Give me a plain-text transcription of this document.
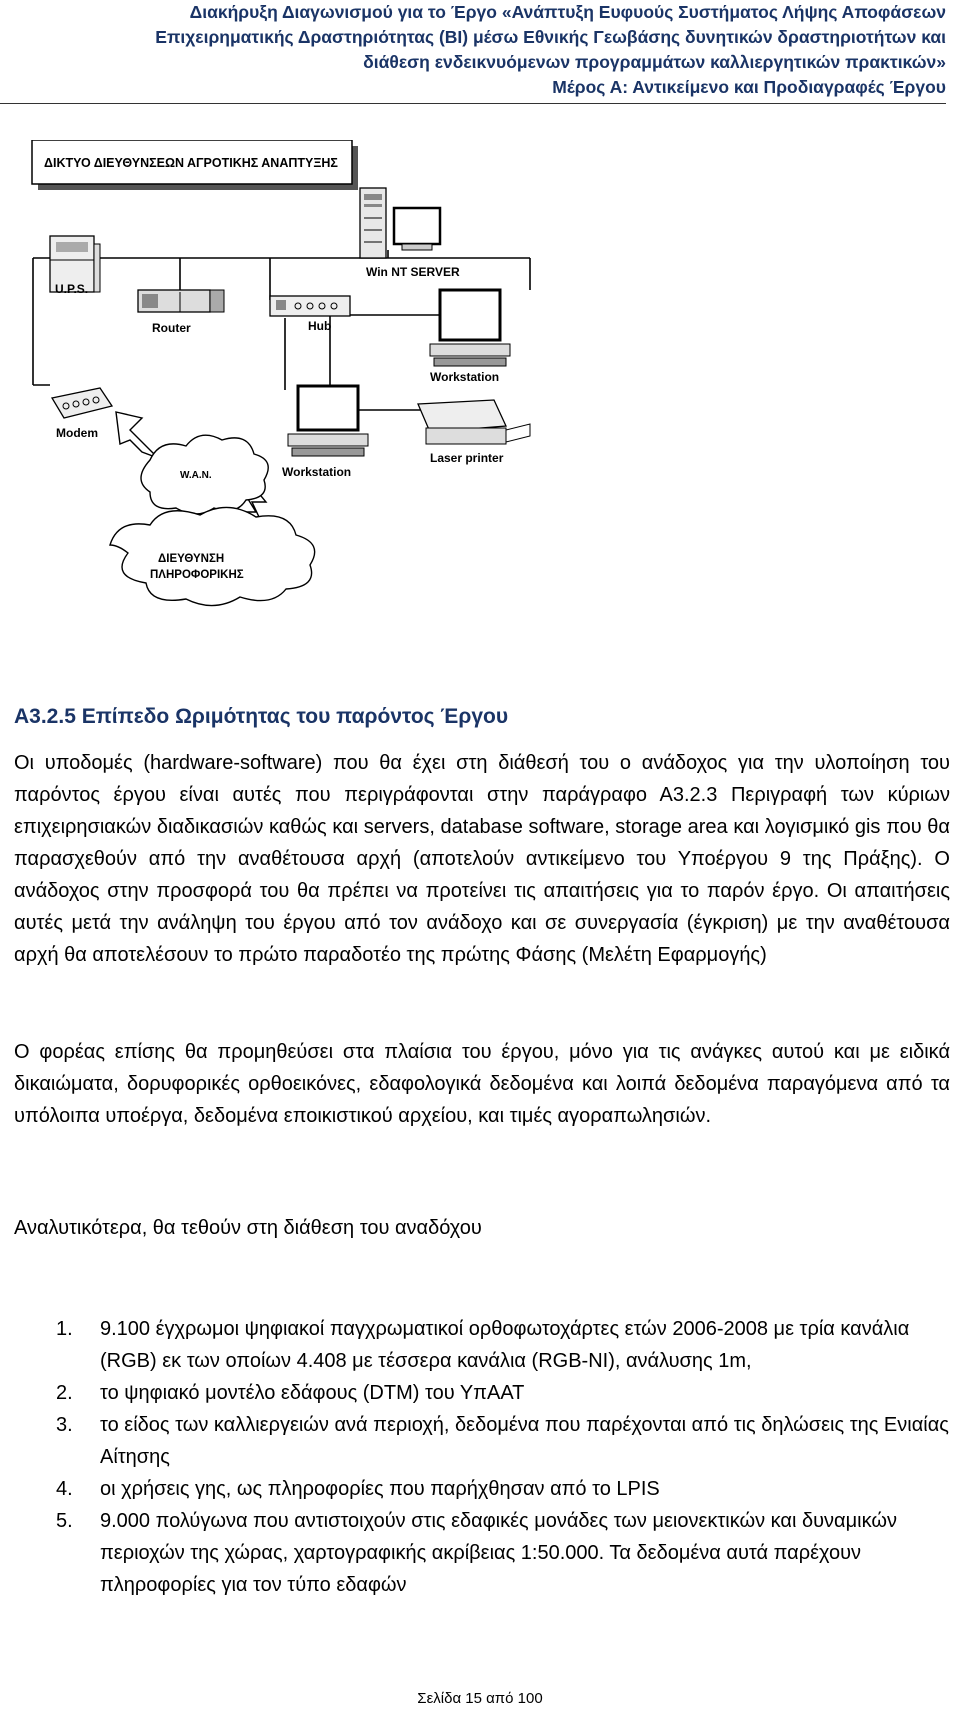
Διακήρυξη Διαγωνισμού για το Έργο «Ανάπτυξη Ευφυούς Συστήματος Λήψης Αποφάσεων
Επιχειρηματικής Δραστηριότητας (BI) μέσω Εθνικής Γεωβάσης δυνητικών δραστηριοτήτων και
διάθεση ενδεικνυόμενων προγραμμάτων καλλιεργητικών πρακτικών»
Μέρος Α: Αντικείμενο και Προδιαγραφές Έργου
ΔΙΚΤΥΟ ΔΙΕΥΘΥΝΣΕΩΝ ΑΓΡΟΤΙΚΗΣ ΑΝΑΠΤΥΞΗΣ
Win NT SERVER
U.P.S.
Router	Hub
Workstation
Modem
W.A.N.	Workstation
Laser printer
ΔΙΕΥΘΥΝΣΗ
ΠΛΗΡΟΦΟΡΙΚΗΣ
Α3.2.5 Επίπεδο Ωριμότητας του παρόντος Έργου
Οι υποδομές (hardware-software) που θα έχει στη διάθεσή του ο ανάδοχος για την υλοποίηση του παρόντος έργου είναι αυτές που περιγράφονται στην παράγραφο Α3.2.3 Περιγραφή των κύριων επιχειρησιακών διαδικασιών καθώς και servers, database software, storage area και λογισμικό gis που θα παρασχεθούν από την αναθέτουσα αρχή (αποτελούν αντικείμενο του Υποέργου 9 της Πράξης). Ο ανάδοχος στην προσφορά του θα πρέπει να προτείνει τις απαιτήσεις για το παρόν έργο. Οι απαιτήσεις αυτές μετά την ανάληψη του έργου από τον ανάδοχο και σε συνεργασία (έγκριση) με την αναθέτουσα αρχή θα αποτελέσουν το πρώτο παραδοτέο της πρώτης Φάσης (Μελέτη Εφαρμογής)
Ο φορέας επίσης θα προμηθεύσει στα πλαίσια του έργου, μόνο για τις ανάγκες αυτού και με ειδικά δικαιώματα, δορυφορικές ορθοεικόνες, εδαφολογικά δεδομένα και λοιπά δεδομένα παραγόμενα από τα υπόλοιπα υποέργα, δεδομένα εποικιστικού αρχείου, και τιμές αγοραπωλησιών.
Αναλυτικότερα, θα τεθούν στη διάθεση του αναδόχου
1. 9.100 έγχρωμοι ψηφιακοί παγχρωματικοί ορθοφωτοχάρτες ετών 2006-2008 με τρία κανάλια (RGB) εκ των οποίων 4.408 με τέσσερα κανάλια (RGB-NI), ανάλυσης 1m,
2. το ψηφιακό μοντέλο εδάφους (DTM) του ΥπΑΑΤ
3. το είδος των καλλιεργειών ανά περιοχή, δεδομένα που παρέχονται από τις δηλώσεις της Ενιαίας Αίτησης
4. οι χρήσεις γης, ως πληροφορίες που παρήχθησαν από το LPIS
5. 9.000 πολύγωνα που αντιστοιχούν στις εδαφικές μονάδες των μειονεκτικών και δυναμικών περιοχών της χώρας, χαρτογραφικής ακρίβειας 1:50.000. Τα δεδομένα αυτά παρέχουν πληροφορίες για τον τύπο εδαφών
Σελίδα 15 από 100
